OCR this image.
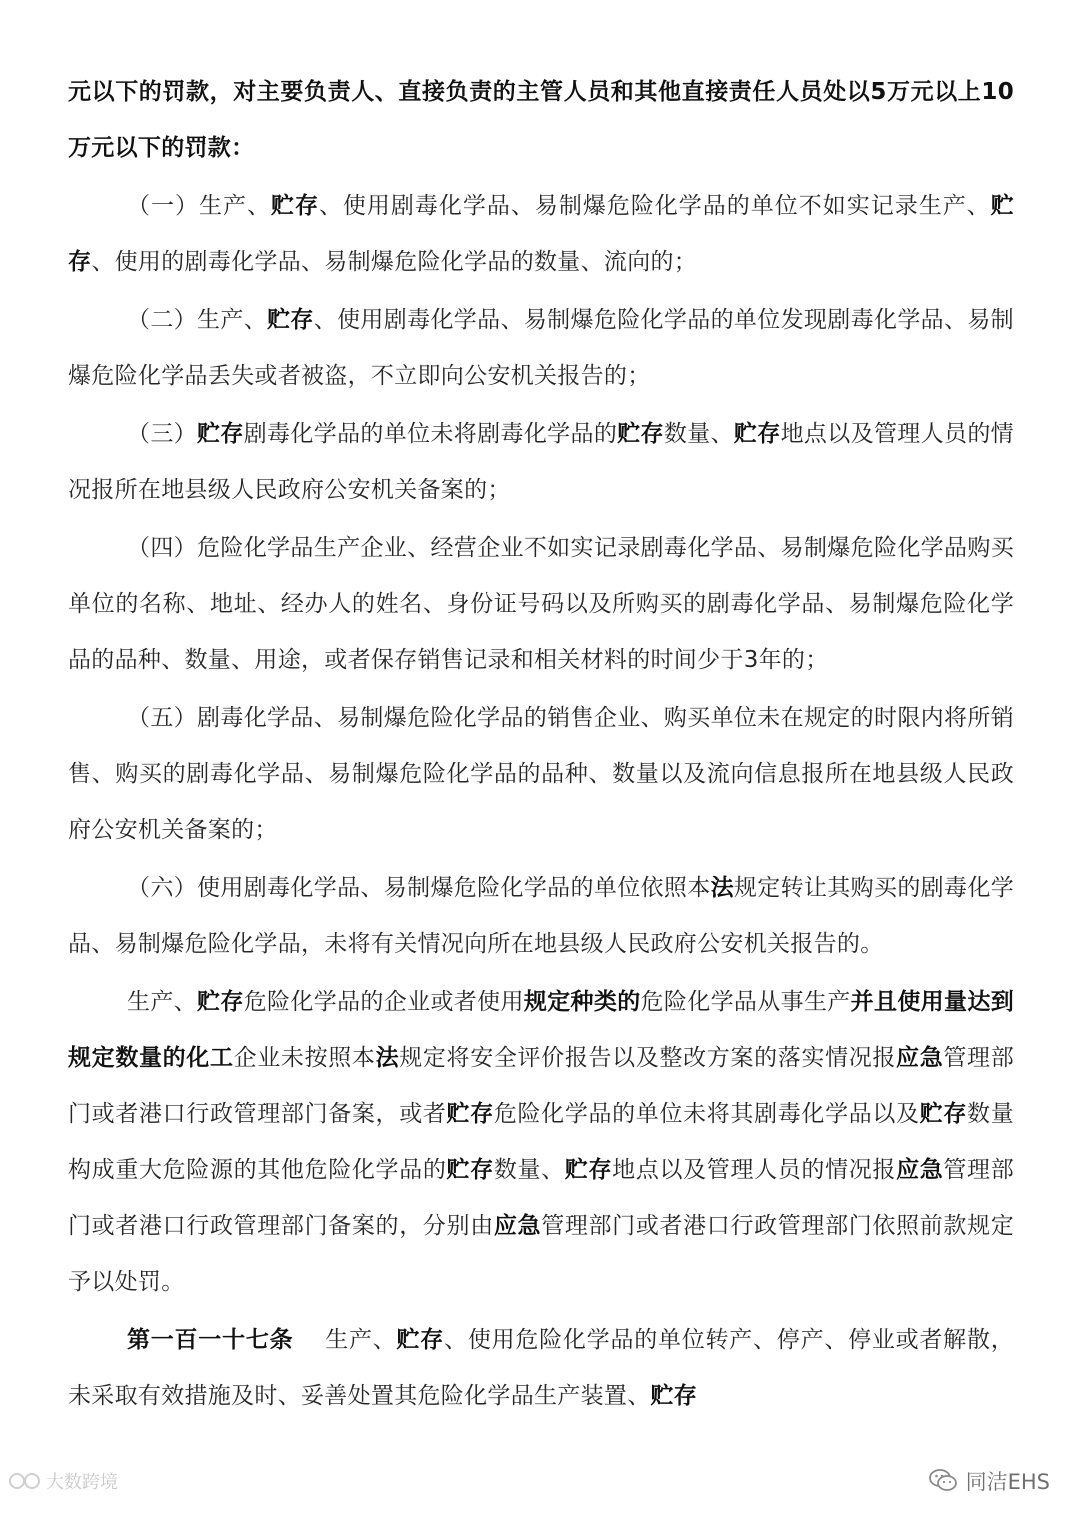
元以下的罚款，对主要负责人、直接负责的主管人员和其他直接责任人员处以5万元以上10万元以下的罚款：

（一）生产、贮存、使用剧毒化学品、易制爆危险化学品的单位不如实记录生产、贮存、使用的剧毒化学品、易制爆危险化学品的数量、流向的；

（二）生产、贮存、使用剧毒化学品、易制爆危险化学品的单位发现剧毒化学品、易制爆危险化学品丢失或者被盗，不立即向公安机关报告的；

（三）贮存剧毒化学品的单位未将剧毒化学品的贮存数量、贮存地点以及管理人员的情况报所在地县级人民政府公安机关备案的；

（四）危险化学品生产企业、经营企业不如实记录剧毒化学品、易制爆危险化学品购买单位的名称、地址、经办人的姓名、身份证号码以及所购买的剧毒化学品、易制爆危险化学品的品种、数量、用途，或者保存销售记录和相关材料的时间少于3年的；

（五）剧毒化学品、易制爆危险化学品的销售企业、购买单位未在规定的时限内将所销售、购买的剧毒化学品、易制爆危险化学品的品种、数量以及流向信息报所在地县级人民政府公安机关备案的；

（六）使用剧毒化学品、易制爆危险化学品的单位依照本法规定转让其购买的剧毒化学品、易制爆危险化学品，未将有关情况向所在地县级人民政府公安机关报告的。

生产、贮存危险化学品的企业或者使用规定种类的危险化学品从事生产并且使用量达到规定数量的化工企业未按照本法规定将安全评价报告以及整改方案的落实情况报应急管理部门或者港口行政管理部门备案，或者贮存危险化学品的单位未将其剧毒化学品以及贮存数量构成重大危险源的其他危险化学品的贮存数量、贮存地点以及管理人员的情况报应急管理部门或者港口行政管理部门备案的，分别由应急管理部门或者港口行政管理部门依照前款规定予以处罚。

第一百一十七条　 生产、贮存、使用危险化学品的单位转产、停产、停业或者解散，未采取有效措施及时、妥善处置其危险化学品生产装置、贮存

大数跨境	同洁EHS
